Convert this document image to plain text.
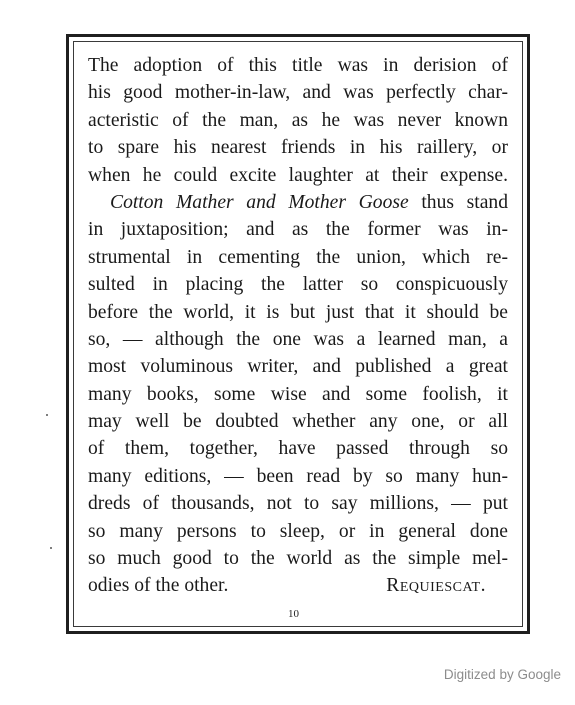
The adoption of this title was in derision of
his good mother-in-law, and was perfectly char-
acteristic of the man, as he was never known
to spare his nearest friends in his raillery, or
when he could excite laughter at their expense.
Cotton Mather and Mother Goose thus stand
in juxtaposition; and as the former was in-
strumental in cementing the union, which re-
sulted in placing the latter so conspicuously
before the world, it is but just that it should be
so, — although the one was a learned man, a
most voluminous writer, and published a great
many books, some wise and some foolish, it
may well be doubted whether any one, or all
of them, together, have passed through so
many editions, — been read by so many hun-
dreds of thousands, not to say millions, — put
so many persons to sleep, or in general done
so much good to the world as the simple mel-
odies of the other.	Requiescat.
10
Digitized by Google
